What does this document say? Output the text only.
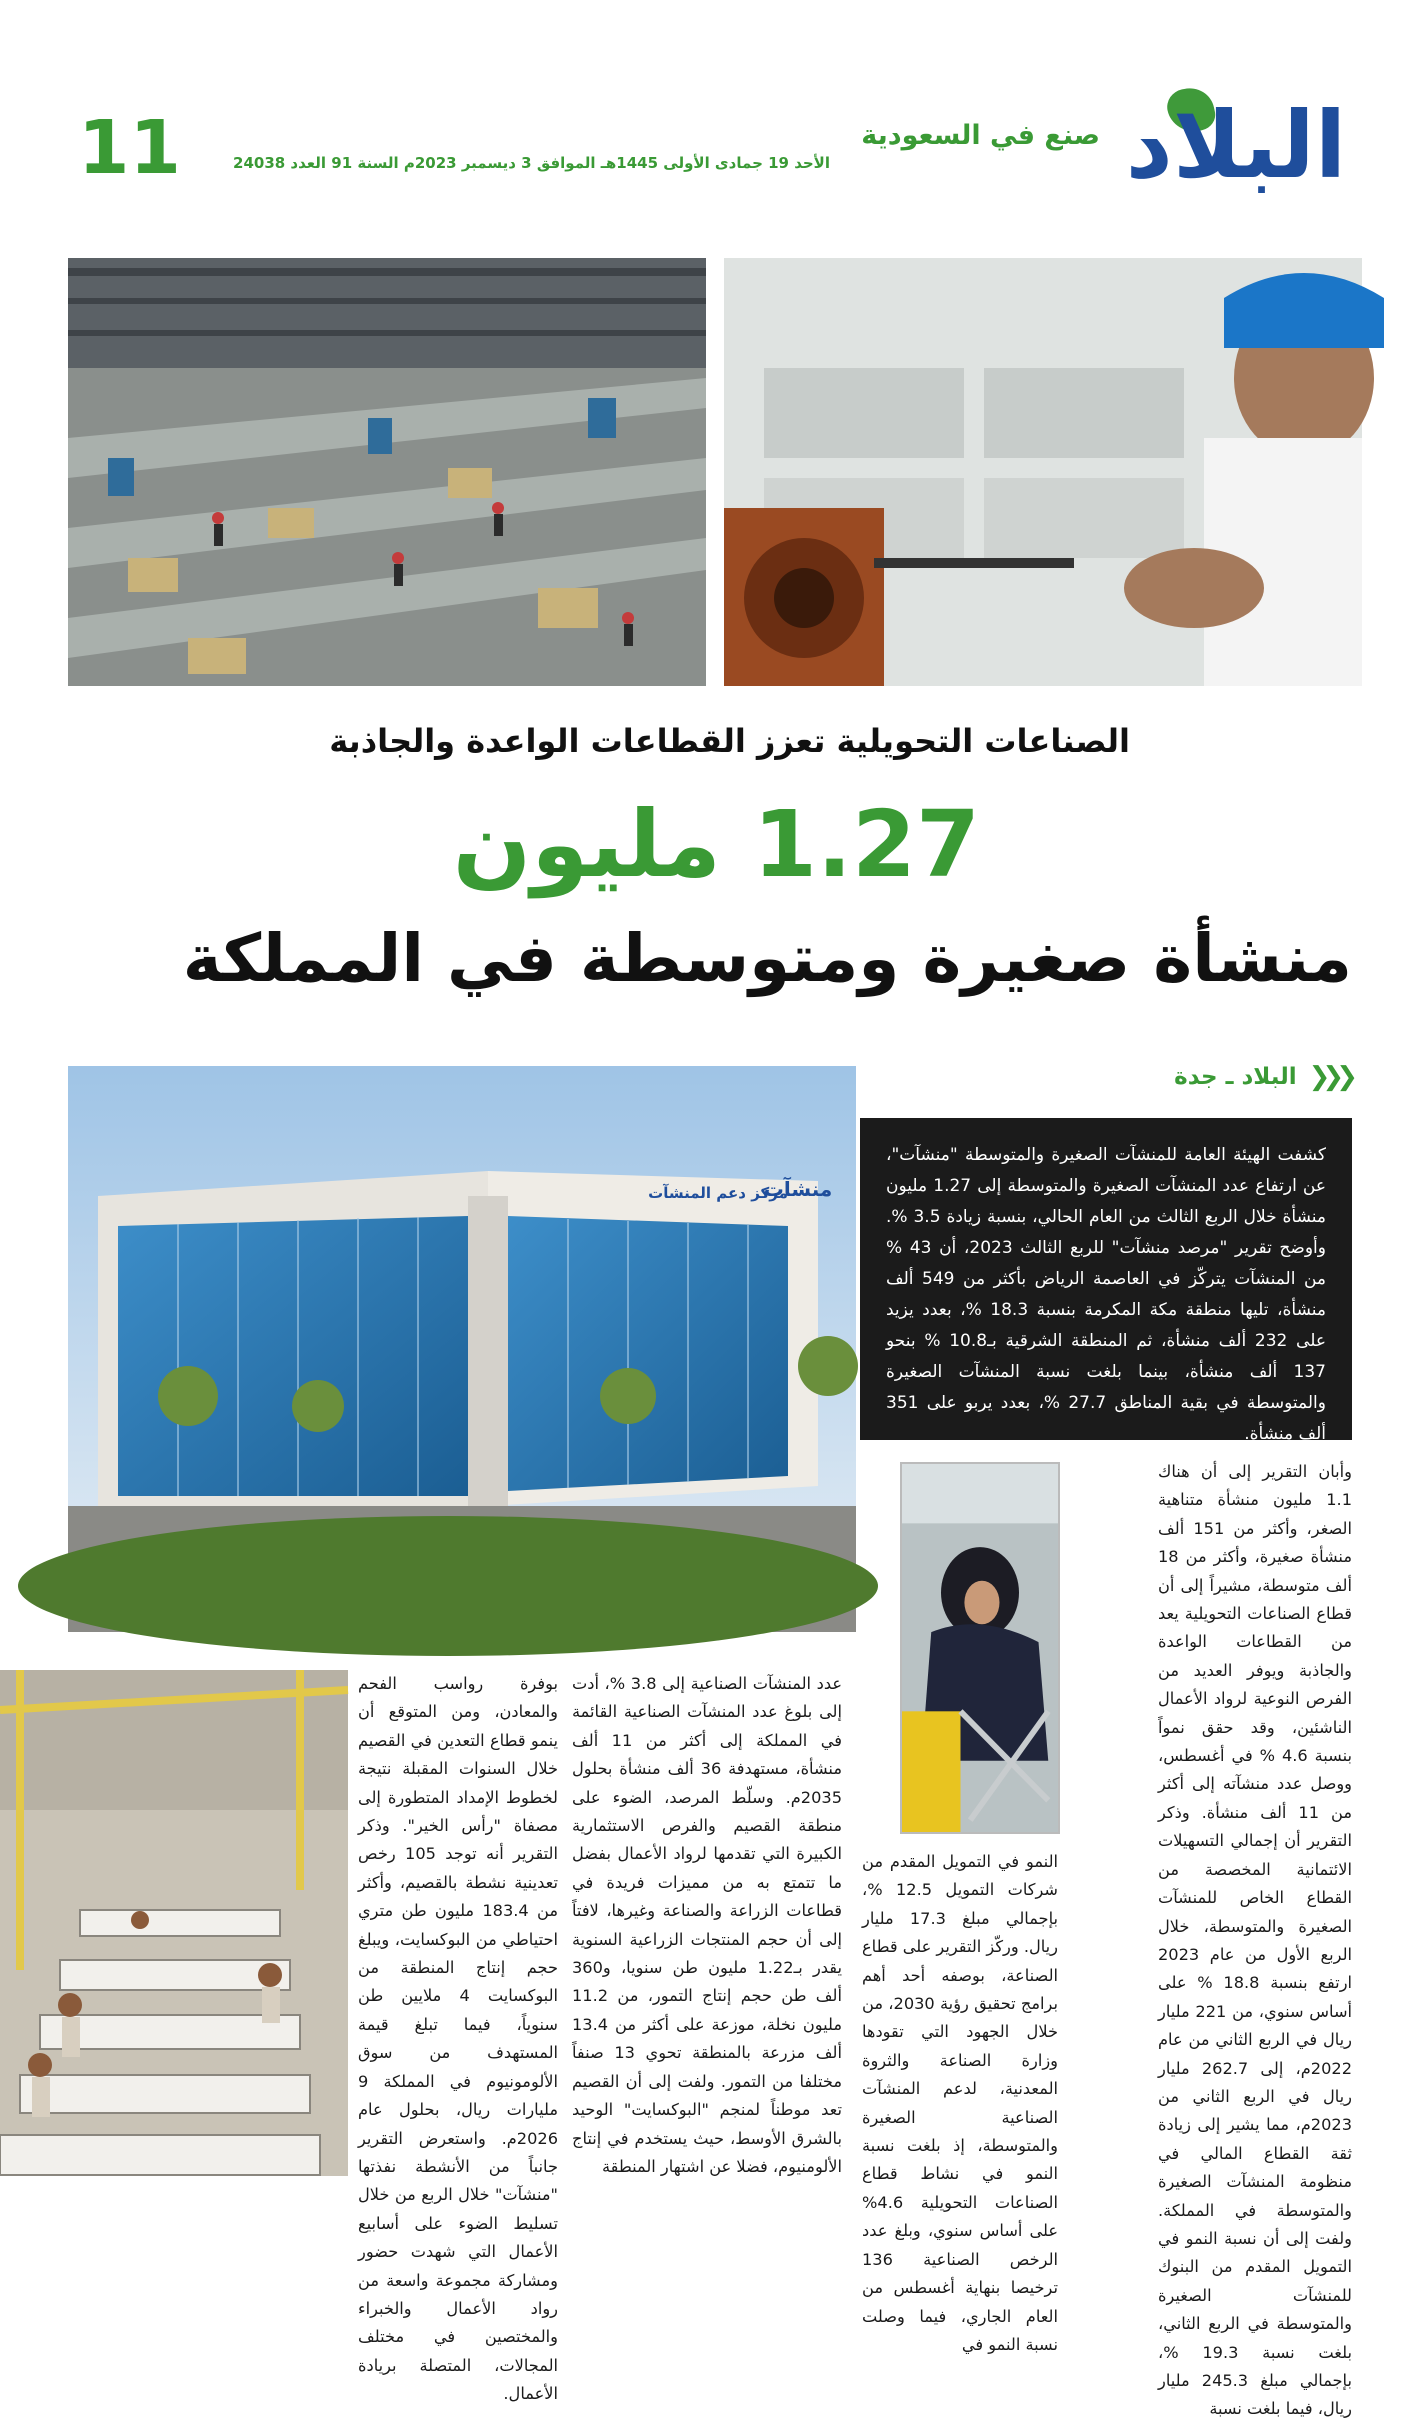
البلاد
صنع في السعودية
الأحد 19 جمادى الأولى 1445هـ الموافق 3 ديسمبر 2023م السنة 91 العدد 24038
11
الصناعات التحويلية تعزز القطاعات الواعدة والجاذبة
1.27 مليون
منشأة صغيرة ومتوسطة في المملكة
مركز دعم المنشآت
منشآت
❮❮❮
البلاد ـ جدة

كشفت الهيئة العامة للمنشآت الصغيرة والمتوسطة "منشآت"، عن ارتفاع عدد المنشآت الصغيرة والمتوسطة إلى 1.27 مليون منشأة خلال الربع الثالث من العام الحالي، بنسبة زيادة 3.5 %. وأوضح تقرير "مرصد منشآت" للربع الثالث 2023، أن 43 % من المنشآت يتركّز في العاصمة الرياض بأكثر من 549 ألف منشأة، تليها منطقة مكة المكرمة بنسبة 18.3 %، بعدد يزيد على 232 ألف منشأة، ثم المنطقة الشرقية بـ10.8 % بنحو 137 ألف منشأة، بينما بلغت نسبة المنشآت الصغيرة والمتوسطة في بقية المناطق 27.7 %، بعدد يربو على 351 ألف منشأة.

وأبان التقرير إلى أن هناك 1.1 مليون منشأة متناهية الصغر، وأكثر من 151 ألف منشأة صغيرة، وأكثر من 18 ألف متوسطة، مشيراً إلى أن قطاع الصناعات التحويلية يعد من القطاعات الواعدة والجاذبة ويوفر العديد من الفرص النوعية لرواد الأعمال الناشئين، وقد حقق نمواً بنسبة 4.6 % في أغسطس، ووصل عدد منشآته إلى أكثر من 11 ألف منشأة. وذكر التقرير أن إجمالي التسهيلات الائتمانية المخصصة من القطاع الخاص للمنشآت الصغيرة والمتوسطة، خلال الربع الأول من عام 2023 ارتفع بنسبة 18.8 % على أساس سنوي، من 221 مليار ريال في الربع الثاني من عام 2022م، إلى 262.7 مليار ريال في الربع الثاني من 2023م، مما يشير إلى زيادة ثقة القطاع المالي في منظومة المنشآت الصغيرة والمتوسطة في المملكة. ولفت إلى أن نسبة النمو في التمويل المقدم من البنوك للمنشآت الصغيرة والمتوسطة في الربع الثاني، بلغت نسبة 19.3 %، بإجمالي مبلغ 245.3 مليار ريال، فيما بلغت نسبة

النمو في التمويل المقدم من شركات التمويل 12.5 %، بإجمالي مبلغ 17.3 مليار ريال. وركّز التقرير على قطاع الصناعة، بوصفه أحد أهم برامج تحقيق رؤية 2030، من خلال الجهود التي تقودها وزارة الصناعة والثروة المعدنية، لدعم المنشآت الصناعية الصغيرة والمتوسطة، إذ بلغت نسبة النمو في نشاط قطاع الصناعات التحويلية 4.6% على أساس سنوي، وبلغ عدد الرخص الصناعية 136 ترخيصا بنهاية أغسطس من العام الجاري، فيما وصلت نسبة النمو في

عدد المنشآت الصناعية إلى 3.8 %، أدت إلى بلوغ عدد المنشآت الصناعية القائمة في المملكة إلى أكثر من 11 ألف منشأة، مستهدفة 36 ألف منشأة بحلول 2035م. وسلّط المرصد، الضوء على منطقة القصيم والفرص الاستثمارية الكبيرة التي تقدمها لرواد الأعمال بفضل ما تتمتع به من مميزات فريدة في قطاعات الزراعة والصناعة وغيرها، لافتاً إلى أن حجم المنتجات الزراعية السنوية يقدر بـ1.22 مليون طن سنويا، و360 ألف طن حجم إنتاج التمور، من 11.2 مليون نخلة، موزعة على أكثر من 13.4 ألف مزرعة بالمنطقة تحوي 13 صنفاً مختلفا من التمور. ولفت إلى أن القصيم تعد موطناً لمنجم "البوكسايت" الوحيد بالشرق الأوسط، حيث يستخدم في إنتاج الألومنيوم، فضلا عن اشتهار المنطقة

بوفرة رواسب الفحم والمعادن، ومن المتوقع أن ينمو قطاع التعدين في القصيم خلال السنوات المقبلة نتيجة لخطوط الإمداد المتطورة إلى مصفاة "رأس الخير". وذكر التقرير أنه توجد 105 رخص تعدينية نشطة بالقصيم، وأكثر من 183.4 مليون طن متري احتياطي من البوكسايت، ويبلغ حجم إنتاج المنطقة من البوكسايت 4 ملايين طن سنوياً، فيما تبلغ قيمة المستهدف من سوق الألومونيوم في المملكة 9 مليارات ريال، بحلول عام 2026م. واستعرض التقرير جانباً من الأنشطة نفذتها "منشآت" خلال الربع من خلال تسليط الضوء على أسابيع الأعمال التي شهدت حضور ومشاركة مجموعة واسعة من رواد الأعمال والخبراء والمختصين في مختلف المجالات، المتصلة بريادة الأعمال.
